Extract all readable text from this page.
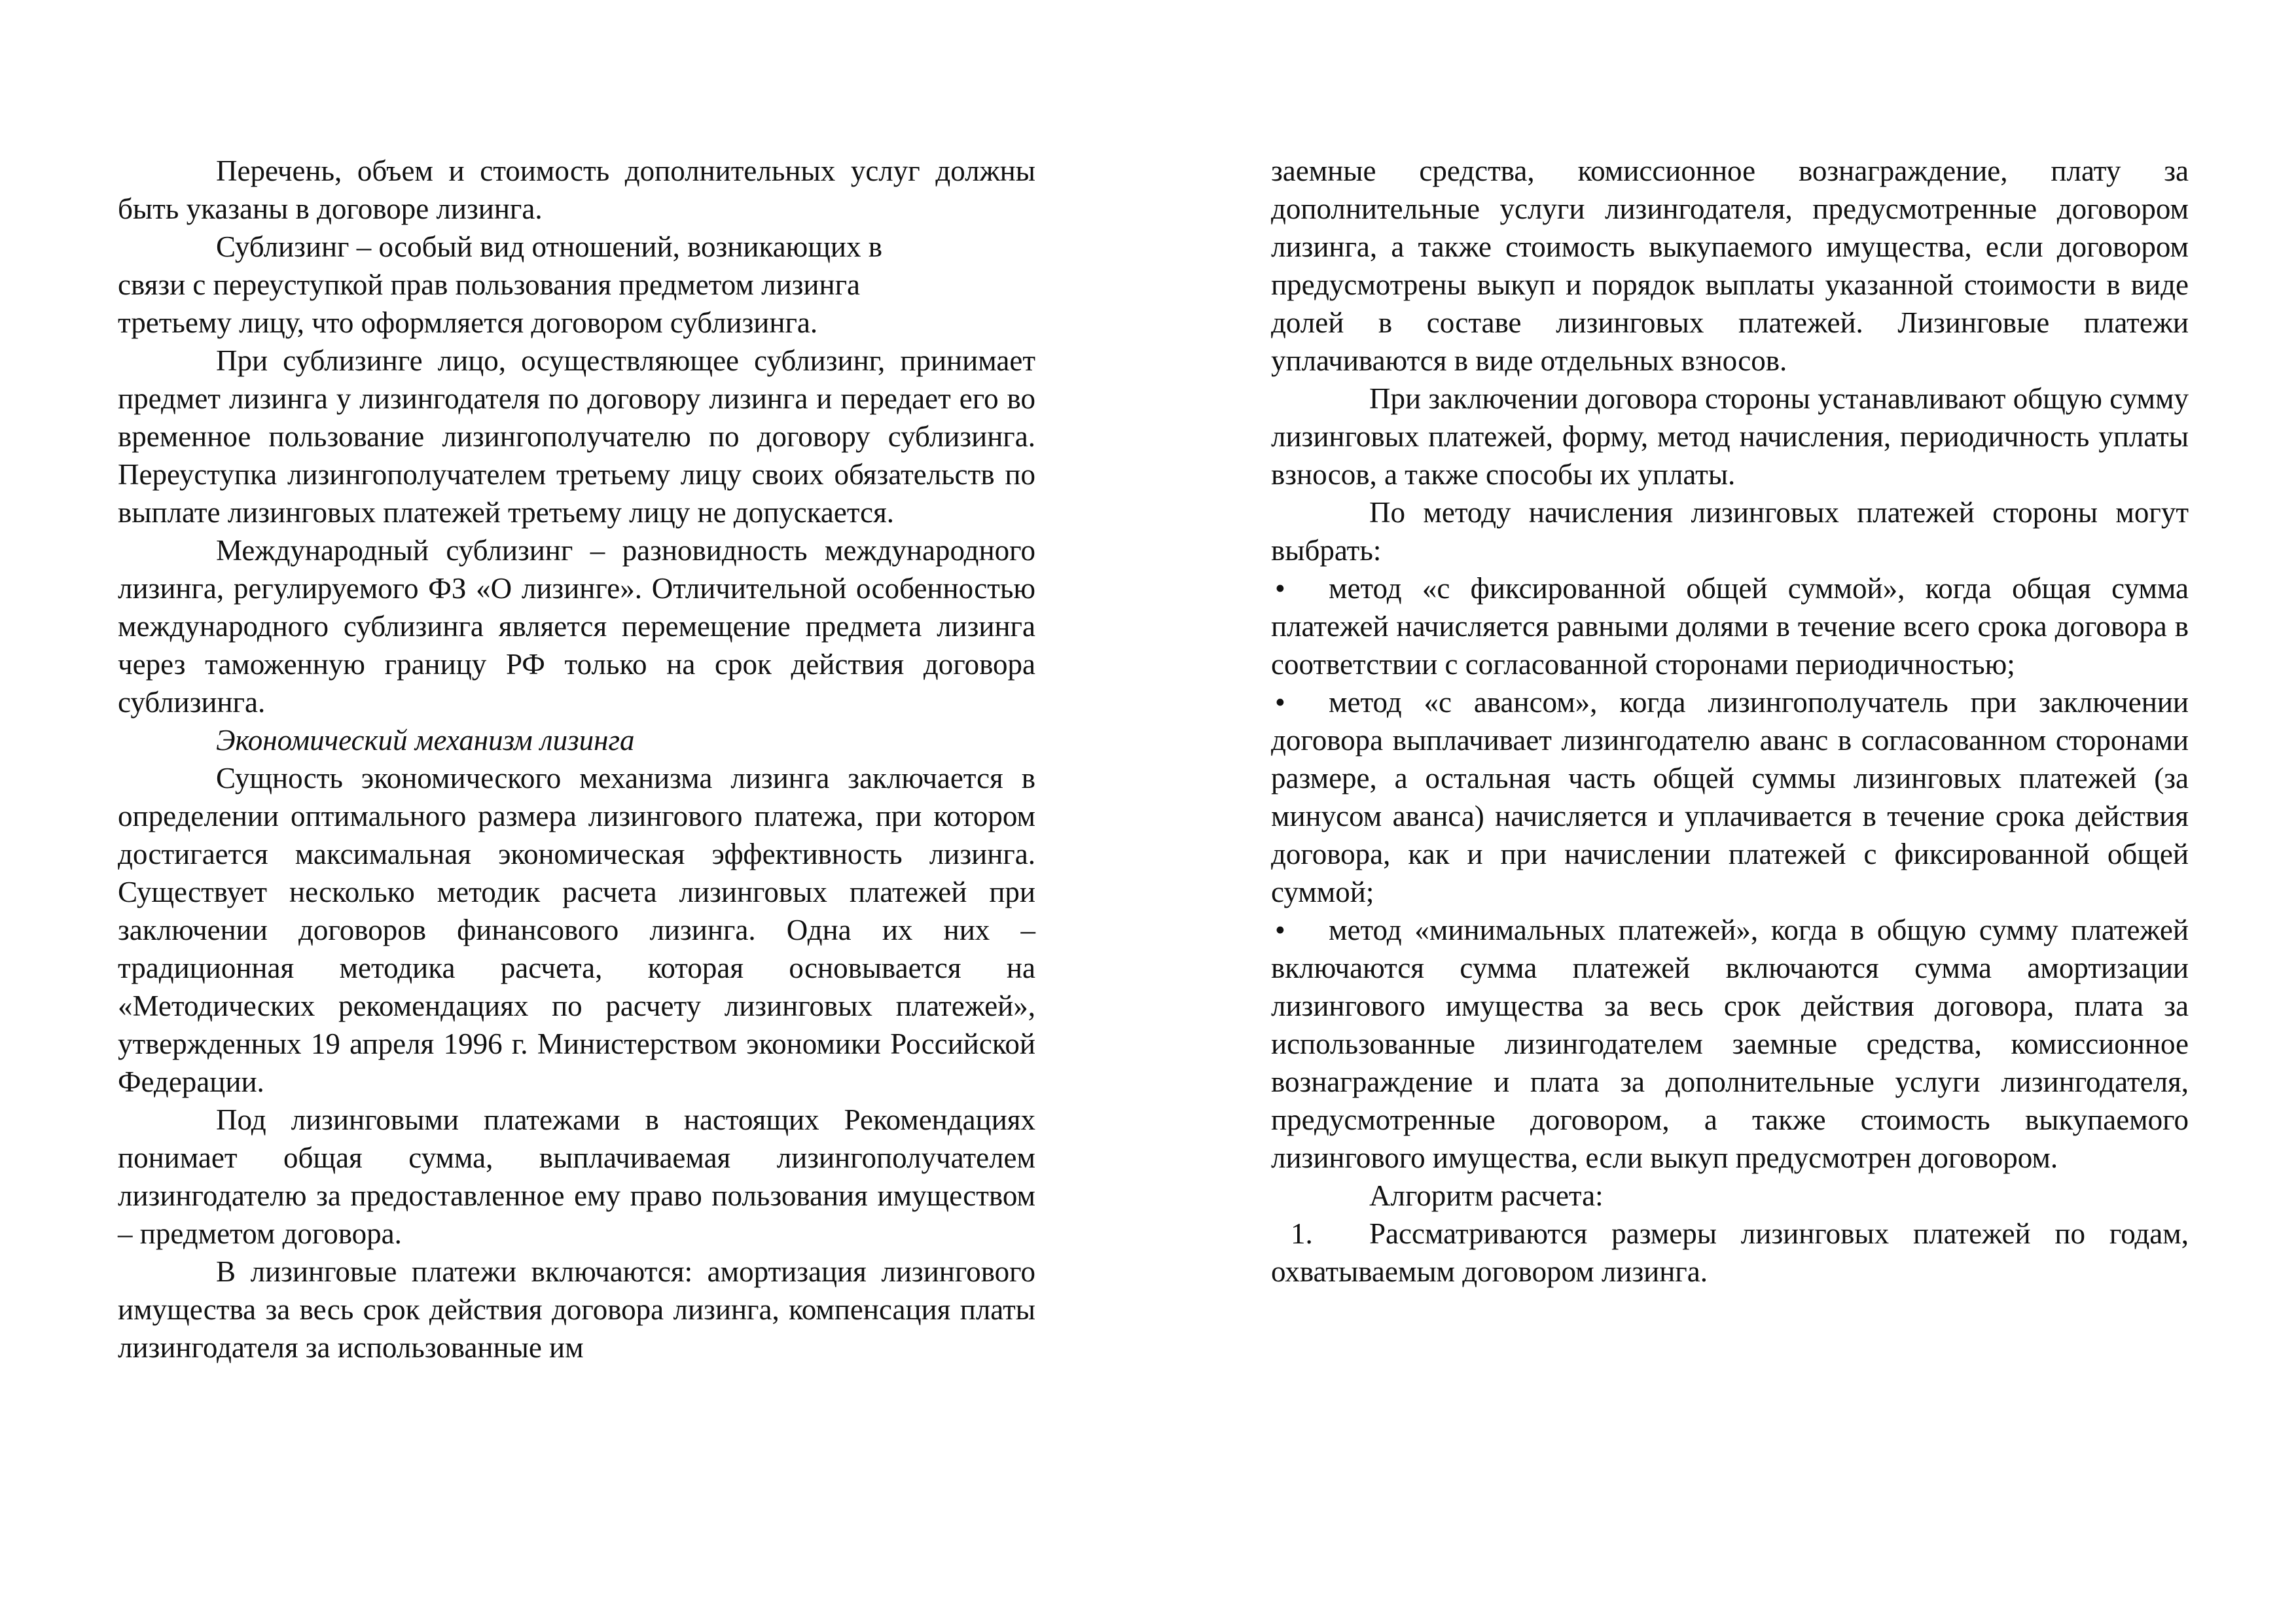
Перечень, объем и стоимость дополнительных услуг должны быть указаны в договоре лизинга.

Сублизинг – особый вид отношений, возникающих в

связи с переуступкой прав пользования предметом лизинга

третьему лицу, что оформляется договором сублизинга.

При сублизинге лицо, осуществляющее сублизинг, принимает предмет лизинга у лизингодателя по договору лизинга и передает его во временное пользование лизингополучателю по договору сублизинга. Переуступка лизингополучателем третьему лицу своих обязательств по выплате лизинговых платежей третьему лицу не допускается.

Международный сублизинг – разновидность международного лизинга, регулируемого ФЗ «О лизинге». Отличительной особенностью международного сублизинга является перемещение предмета лизинга через таможенную границу РФ только на срок действия договора сублизинга.

Экономический механизм лизинга

Сущность экономического механизма лизинга заключается в определении оптимального размера лизингового платежа, при котором достигается максимальная экономическая эффективность лизинга. Существует несколько методик расчета лизинговых платежей при заключении договоров финансового лизинга. Одна их них – традиционная методика расчета, которая основывается на «Методических рекомендациях по расчету лизинговых платежей», утвержденных 19 апреля 1996 г. Министерством экономики Российской Федерации.

Под лизинговыми платежами в настоящих Рекомендациях понимает общая сумма, выплачиваемая лизингополучателем лизингодателю за предоставленное ему право пользования имуществом – предметом договора.

В лизинговые платежи включаются: амортизация лизингового имущества за весь срок действия договора лизинга, компенсация платы лизингодателя за использованные им

заемные средства, комиссионное вознаграждение, плату за дополнительные услуги лизингодателя, предусмотренные договором лизинга, а также стоимость выкупаемого имущества, если договором предусмотрены выкуп и порядок выплаты указанной стоимости в виде долей в составе лизинговых платежей. Лизинговые платежи уплачиваются в виде отдельных взносов.

При заключении договора стороны устанавливают общую сумму лизинговых платежей, форму, метод начисления, периодичность уплаты взносов, а также способы их уплаты.

По методу начисления лизинговых платежей стороны могут выбрать:

• метод «с фиксированной общей суммой», когда общая сумма платежей начисляется равными долями в течение всего срока договора в соответствии с согласованной сторонами периодичностью;

• метод «с авансом», когда лизингополучатель при заключении договора выплачивает лизингодателю аванс в согласованном сторонами размере, а остальная часть общей суммы лизинговых платежей (за минусом аванса) начисляется и уплачивается в течение срока действия договора, как и при начислении платежей с фиксированной общей суммой;

• метод «минимальных платежей», когда в общую сумму платежей включаются сумма платежей включаются сумма амортизации лизингового имущества за весь срок действия договора, плата за использованные лизингодателем заемные средства, комиссионное вознаграждение и плата за дополнительные услуги лизингодателя, предусмотренные договором, а также стоимость выкупаемого лизингового имущества, если выкуп предусмотрен договором.

Алгоритм расчета:

1. Рассматриваются размеры лизинговых платежей по годам, охватываемым договором лизинга.
